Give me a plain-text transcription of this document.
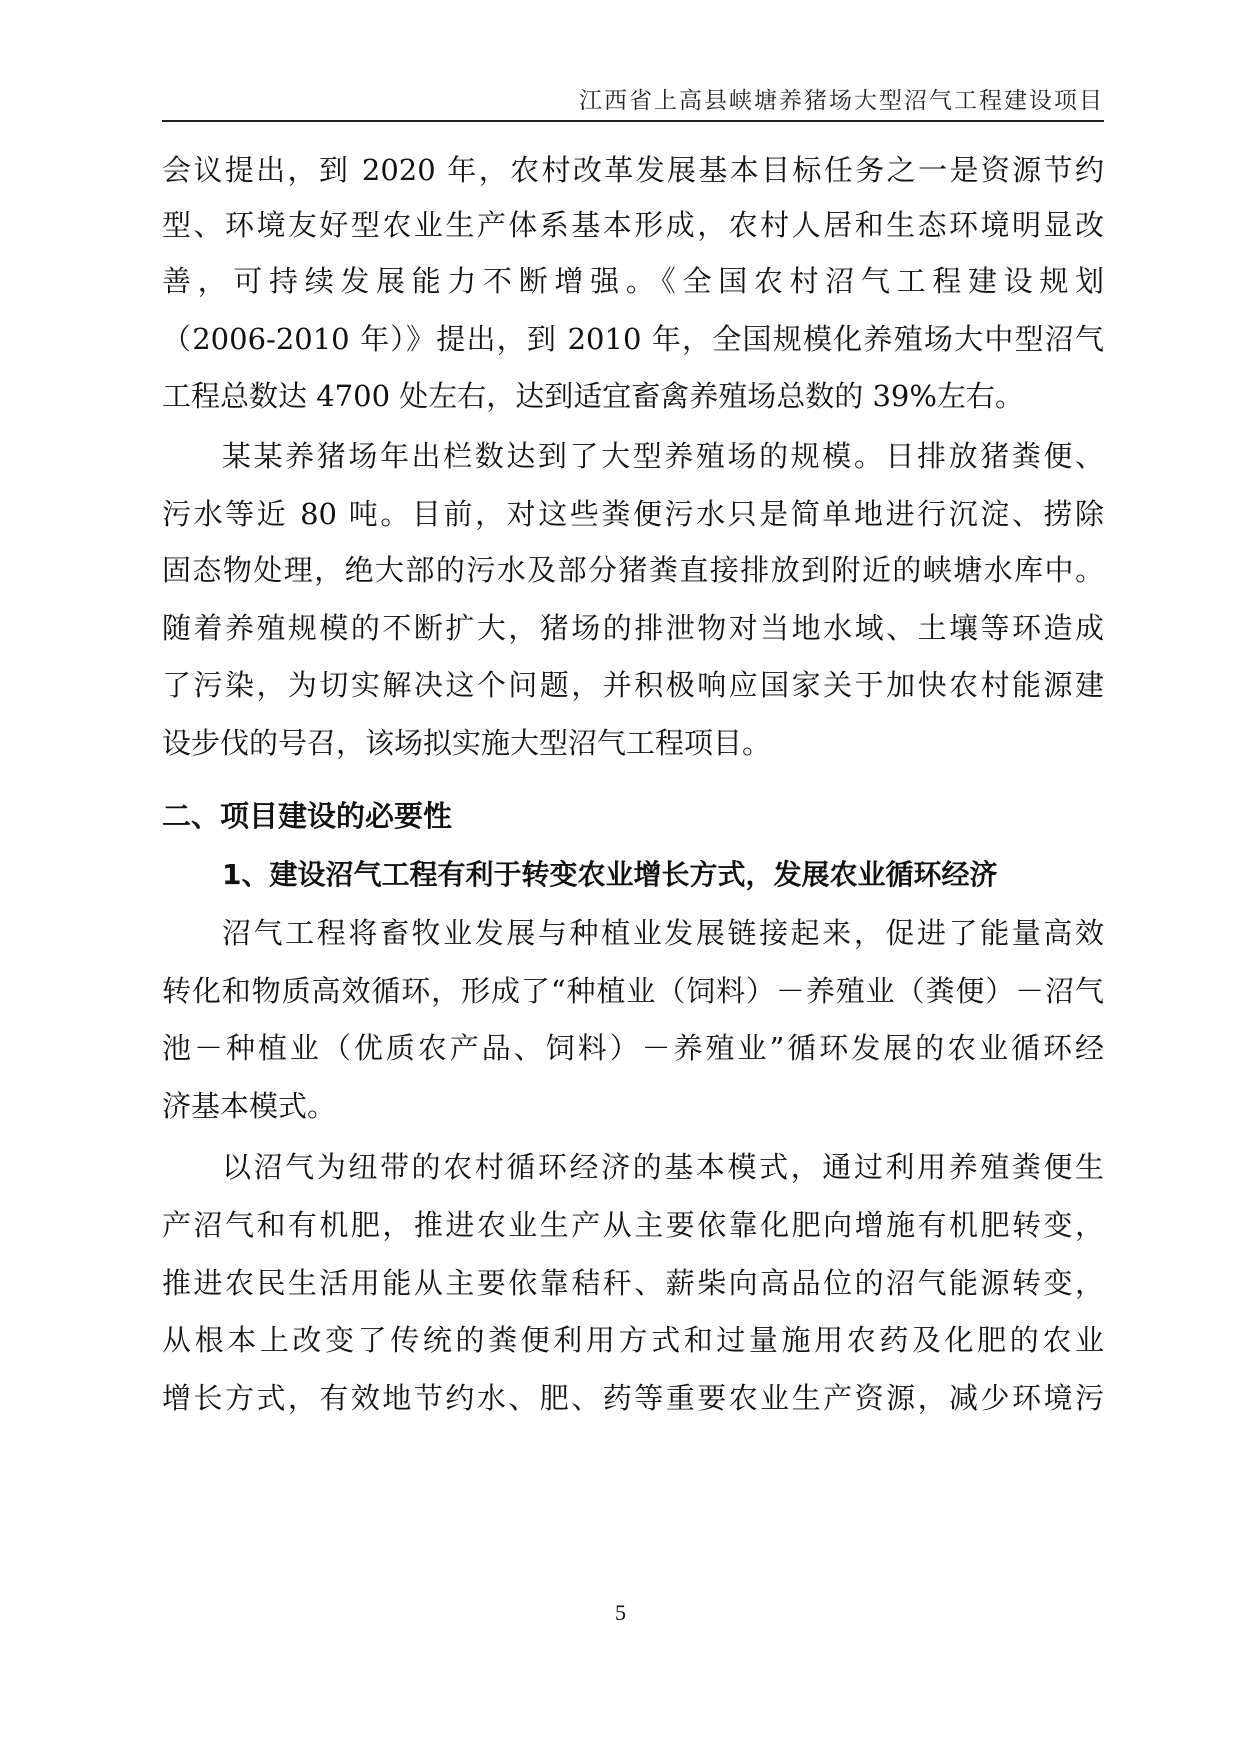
江西省上高县峡塘养猪场大型沼气工程建设项目
会议提出，到 2020 年，农村改革发展基本目标任务之一是资源节约
型、环境友好型农业生产体系基本形成，农村人居和生态环境明显改
善，可持续发展能力不断增强。《全国农村沼气工程建设规划
（2006-2010 年）》提出，到 2010 年，全国规模化养殖场大中型沼气
工程总数达 4700 处左右，达到适宜畜禽养殖场总数的 39%左右。
某某养猪场年出栏数达到了大型养殖场的规模。日排放猪粪便、
污水等近 80 吨。目前，对这些粪便污水只是简单地进行沉淀、捞除
固态物处理，绝大部的污水及部分猪粪直接排放到附近的峡塘水库中。
随着养殖规模的不断扩大，猪场的排泄物对当地水域、土壤等环造成
了污染，为切实解决这个问题，并积极响应国家关于加快农村能源建
设步伐的号召，该场拟实施大型沼气工程项目。
二、项目建设的必要性
1、建设沼气工程有利于转变农业增长方式，发展农业循环经济
沼气工程将畜牧业发展与种植业发展链接起来，促进了能量高效
转化和物质高效循环，形成了“种植业（饲料）－养殖业（粪便）－沼气
池－种植业（优质农产品、饲料）－养殖业”循环发展的农业循环经
济基本模式。
以沼气为纽带的农村循环经济的基本模式，通过利用养殖粪便生
产沼气和有机肥，推进农业生产从主要依靠化肥向增施有机肥转变，
推进农民生活用能从主要依靠秸秆、薪柴向高品位的沼气能源转变，
从根本上改变了传统的粪便利用方式和过量施用农药及化肥的农业
增长方式，有效地节约水、肥、药等重要农业生产资源，减少环境污
5
